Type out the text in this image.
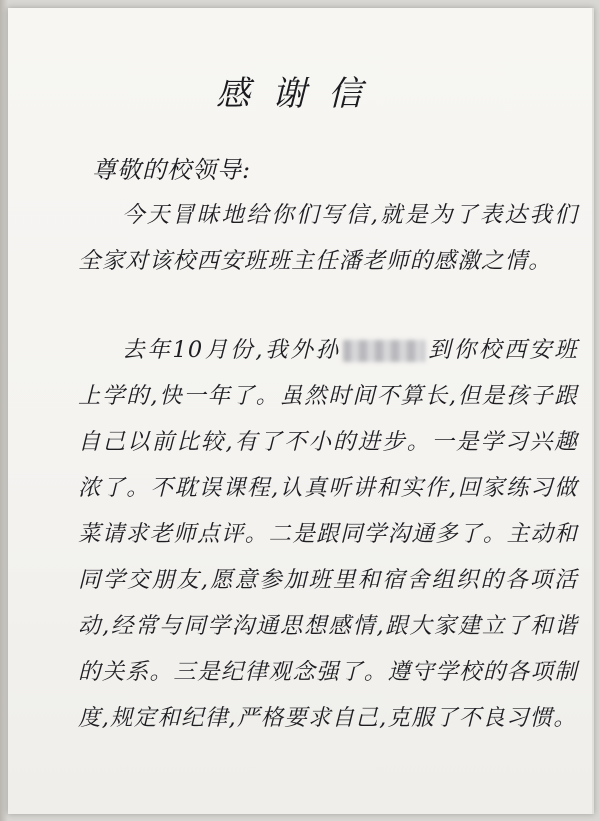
感谢信
尊敬的校领导:
今天冒昧地给你们写信,就是为了表达我们全家对该校西安班班主任潘老师的感激之情。
去年10月份,我外孙	到你校西安班上学的,快一年了。虽然时间不算长,但是孩子跟自己以前比较,有了不小的进步。一是学习兴趣浓了。不耽误课程,认真听讲和实作,回家练习做菜请求老师点评。二是跟同学沟通多了。主动和同学交朋友,愿意参加班里和宿舍组织的各项活动,经常与同学沟通思想感情,跟大家建立了和谐的关系。三是纪律观念强了。遵守学校的各项制度,规定和纪律,严格要求自己,克服了不良习惯。
